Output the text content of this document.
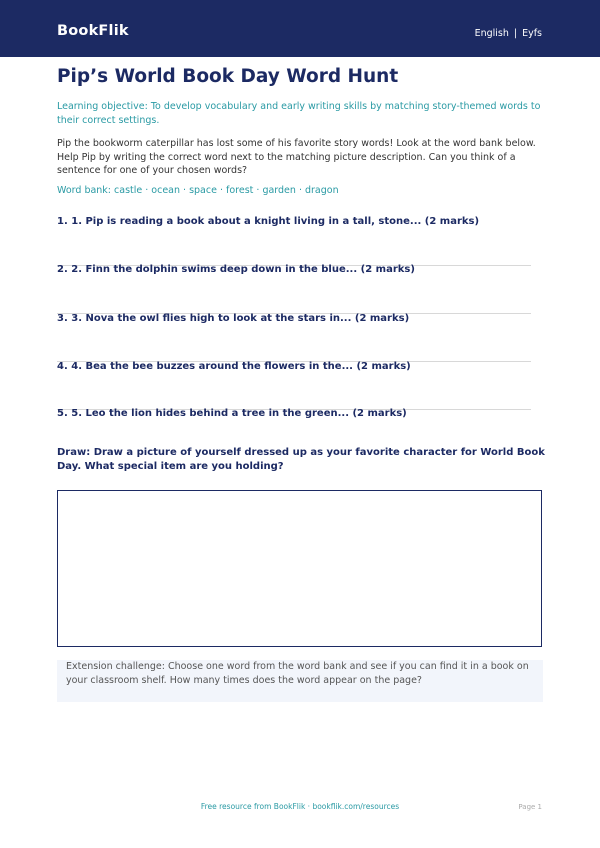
BookFlik	English | Eyfs
Pip’s World Book Day Word Hunt
Learning objective: To develop vocabulary and early writing skills by matching story-themed words to their correct settings.
Pip the bookworm caterpillar has lost some of his favorite story words! Look at the word bank below. Help Pip by writing the correct word next to the matching picture description. Can you think of a sentence for one of your chosen words?
Word bank: castle · ocean · space · forest · garden · dragon
1. 1. Pip is reading a book about a knight living in a tall, stone... (2 marks)
2. 2. Finn the dolphin swims deep down in the blue... (2 marks)
3. 3. Nova the owl flies high to look at the stars in... (2 marks)
4. 4. Bea the bee buzzes around the flowers in the... (2 marks)
5. 5. Leo the lion hides behind a tree in the green... (2 marks)
Draw: Draw a picture of yourself dressed up as your favorite character for World Book Day. What special item are you holding?
Extension challenge: Choose one word from the word bank and see if you can find it in a book on your classroom shelf. How many times does the word appear on the page?
Free resource from BookFlik · bookflik.com/resources	Page 1
